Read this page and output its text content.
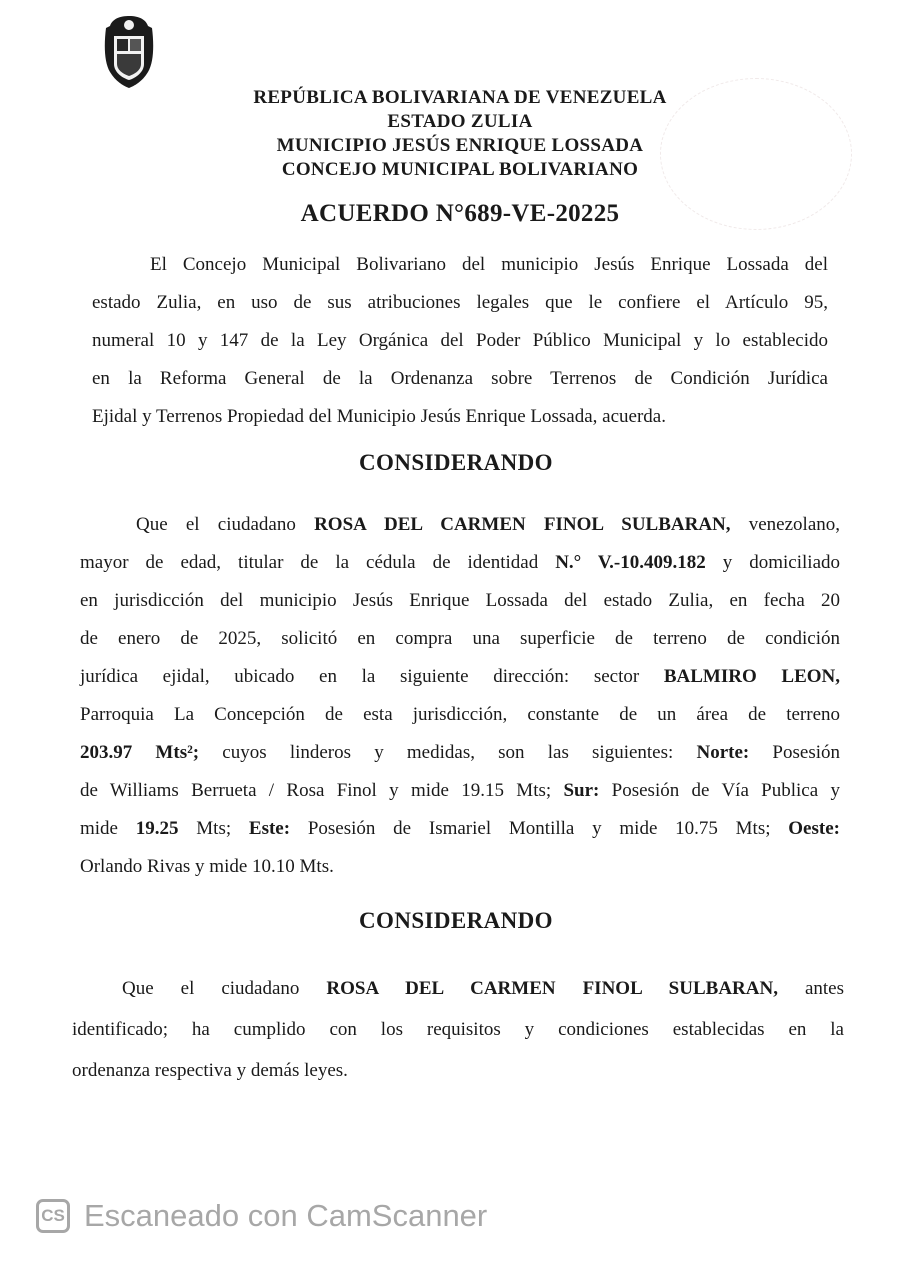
REPÚBLICA BOLIVARIANA DE VENEZUELA
ESTADO ZULIA
MUNICIPIO JESÚS ENRIQUE LOSSADA
CONCEJO MUNICIPAL BOLIVARIANO
ACUERDO N°689-VE-20225
El Concejo Municipal Bolivariano del municipio Jesús Enrique Lossada del
estado Zulia, en uso de sus atribuciones legales que le confiere el Artículo 95,
numeral 10 y 147 de la Ley Orgánica del Poder Público Municipal y lo establecido
en la Reforma General de la Ordenanza sobre Terrenos de Condición Jurídica
Ejidal y Terrenos Propiedad del Municipio Jesús Enrique Lossada, acuerda.
CONSIDERANDO
Que el ciudadano ROSA DEL CARMEN FINOL SULBARAN, venezolano,
mayor de edad, titular de la cédula de identidad N.° V.-10.409.182 y domiciliado
en jurisdicción del municipio Jesús Enrique Lossada del estado Zulia, en fecha 20
de enero de 2025, solicitó en compra una superficie de terreno de condición
jurídica ejidal, ubicado en la siguiente dirección: sector BALMIRO LEON,
Parroquia La Concepción de esta jurisdicción, constante de un área de terreno
203.97 Mts²; cuyos linderos y medidas, son las siguientes: Norte: Posesión
de Williams Berrueta / Rosa Finol y mide 19.15 Mts; Sur: Posesión de Vía Publica y
mide 19.25 Mts; Este: Posesión de Ismariel Montilla y mide 10.75 Mts; Oeste:
Orlando Rivas y mide 10.10 Mts.
CONSIDERANDO
Que el ciudadano ROSA DEL CARMEN FINOL SULBARAN, antes
identificado; ha cumplido con los requisitos y condiciones establecidas en la
ordenanza respectiva y demás leyes.
CS Escaneado con CamScanner
